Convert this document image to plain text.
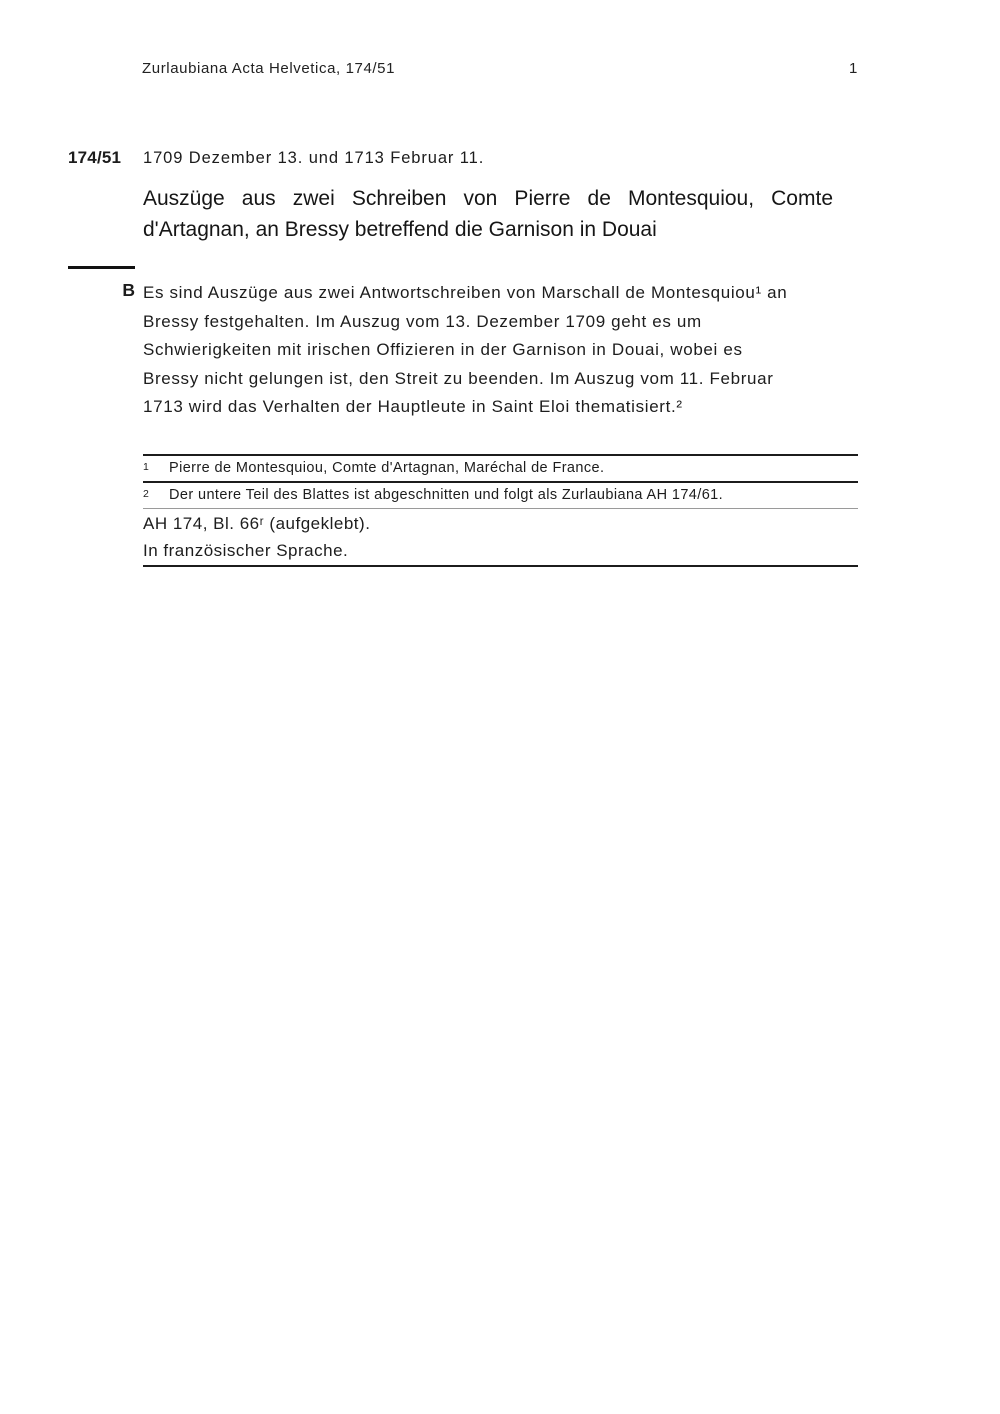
Zurlaubiana Acta Helvetica, 174/51	1
174/51	1709 Dezember 13. und 1713 Februar 11.
Auszüge aus zwei Schreiben von Pierre de Montesquiou, Comte
d'Artagnan, an Bressy betreffend die Garnison in Douai
B Es sind Auszüge aus zwei Antwortschreiben von Marschall de Montesquiou¹ an
Bressy festgehalten. Im Auszug vom 13. Dezember 1709 geht es um
Schwierigkeiten mit irischen Offizieren in der Garnison in Douai, wobei es
Bressy nicht gelungen ist, den Streit zu beenden. Im Auszug vom 11. Februar
1713 wird das Verhalten der Hauptleute in Saint Eloi thematisiert.²
1	Pierre de Montesquiou, Comte d'Artagnan, Maréchal de France.
2	Der untere Teil des Blattes ist abgeschnitten und folgt als Zurlaubiana AH 174/61.
AH 174, Bl. 66ʳ (aufgeklebt).
In französischer Sprache.
